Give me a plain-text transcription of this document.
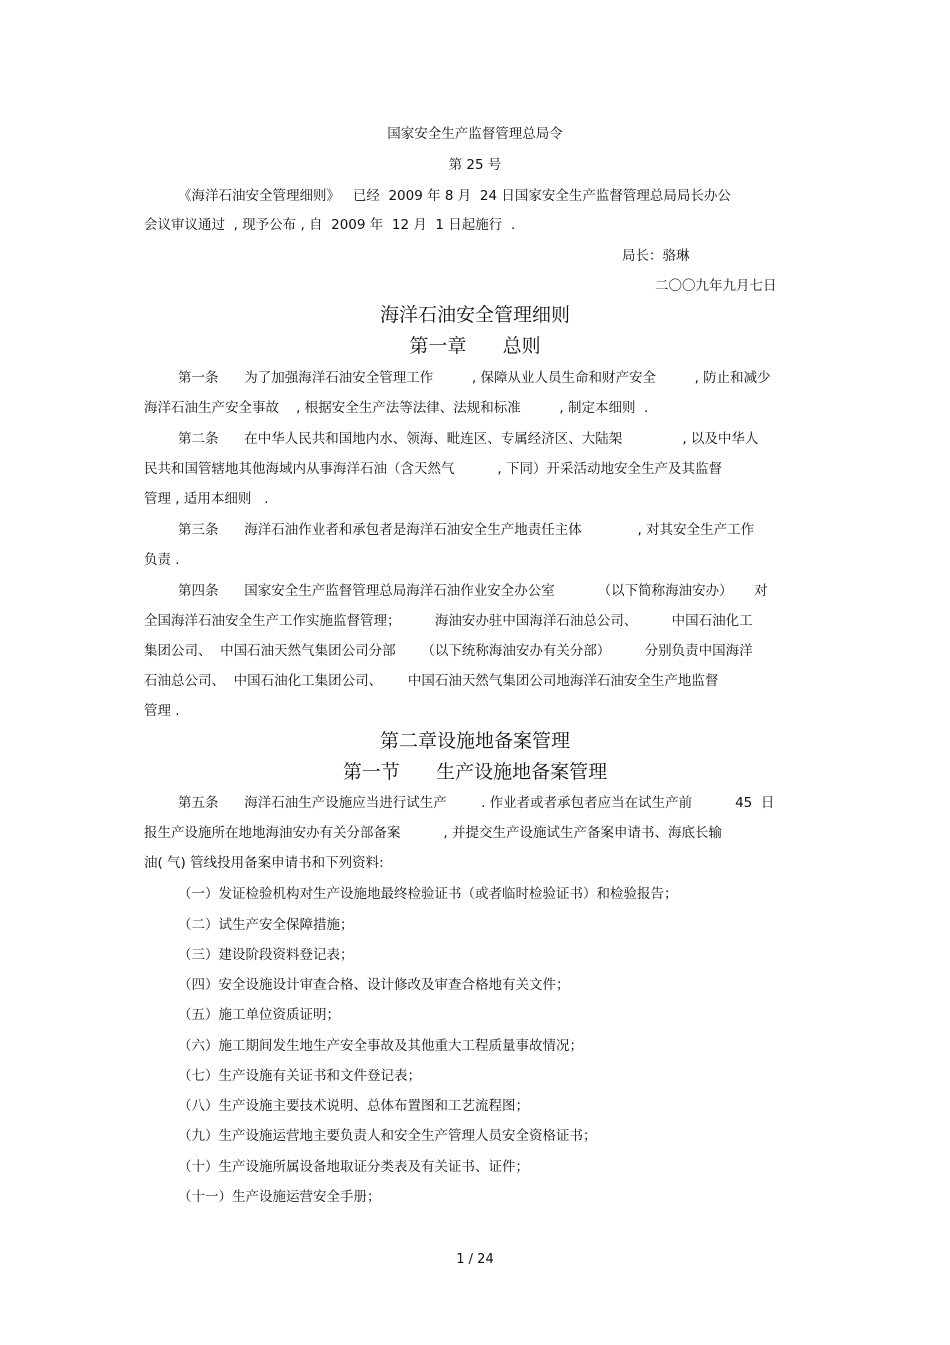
国家安全生产监督管理总局令
第 25 号
《海洋石油安全管理细则》   已经  2009 年 8 月  24 日国家安全生产监督管理总局局长办公
会议审议通过  , 现予公布 , 自  2009 年  12 月  1 日起施行  .
局长：骆琳
二〇〇九年九月七日
海洋石油安全管理细则
第一章      总则
第一条      为了加强海洋石油安全管理工作         , 保障从业人员生命和财产安全         , 防止和减少
海洋石油生产安全事故    , 根据安全生产法等法律、法规和标准         , 制定本细则  .
第二条      在中华人民共和国地内水、领海、毗连区、专属经济区、大陆架              , 以及中华人
民共和国管辖地其他海域内从事海洋石油（含天然气          , 下同）开采活动地安全生产及其监督
管理 , 适用本细则   .
第三条      海洋石油作业者和承包者是海洋石油安全生产地责任主体             , 对其安全生产工作
负责 .
第四条      国家安全生产监督管理总局海洋石油作业安全办公室          （以下简称海油安办）     对
全国海洋石油安全生产工作实施监督管理；        海油安办驻中国海洋石油总公司、        中国石油化工
集团公司、  中国石油天然气集团公司分部      （以下统称海油安办有关分部）        分别负责中国海洋
石油总公司、  中国石油化工集团公司、      中国石油天然气集团公司地海洋石油安全生产地监督
管理 .
第二章设施地备案管理
第一节      生产设施地备案管理
第五条      海洋石油生产设施应当进行试生产        . 作业者或者承包者应当在试生产前          45  日
报生产设施所在地地海油安办有关分部备案          , 并提交生产设施试生产备案申请书、海底长输
油( 气) 管线投用备案申请书和下列资料:
（一）发证检验机构对生产设施地最终检验证书（或者临时检验证书）和检验报告；
（二）试生产安全保障措施；
（三）建设阶段资料登记表；
（四）安全设施设计审查合格、设计修改及审查合格地有关文件；
（五）施工单位资质证明；
（六）施工期间发生地生产安全事故及其他重大工程质量事故情况；
（七）生产设施有关证书和文件登记表；
（八）生产设施主要技术说明、总体布置图和工艺流程图；
（九）生产设施运营地主要负责人和安全生产管理人员安全资格证书；
（十）生产设施所属设备地取证分类表及有关证书、证件；
（十一）生产设施运营安全手册；
1 / 24
